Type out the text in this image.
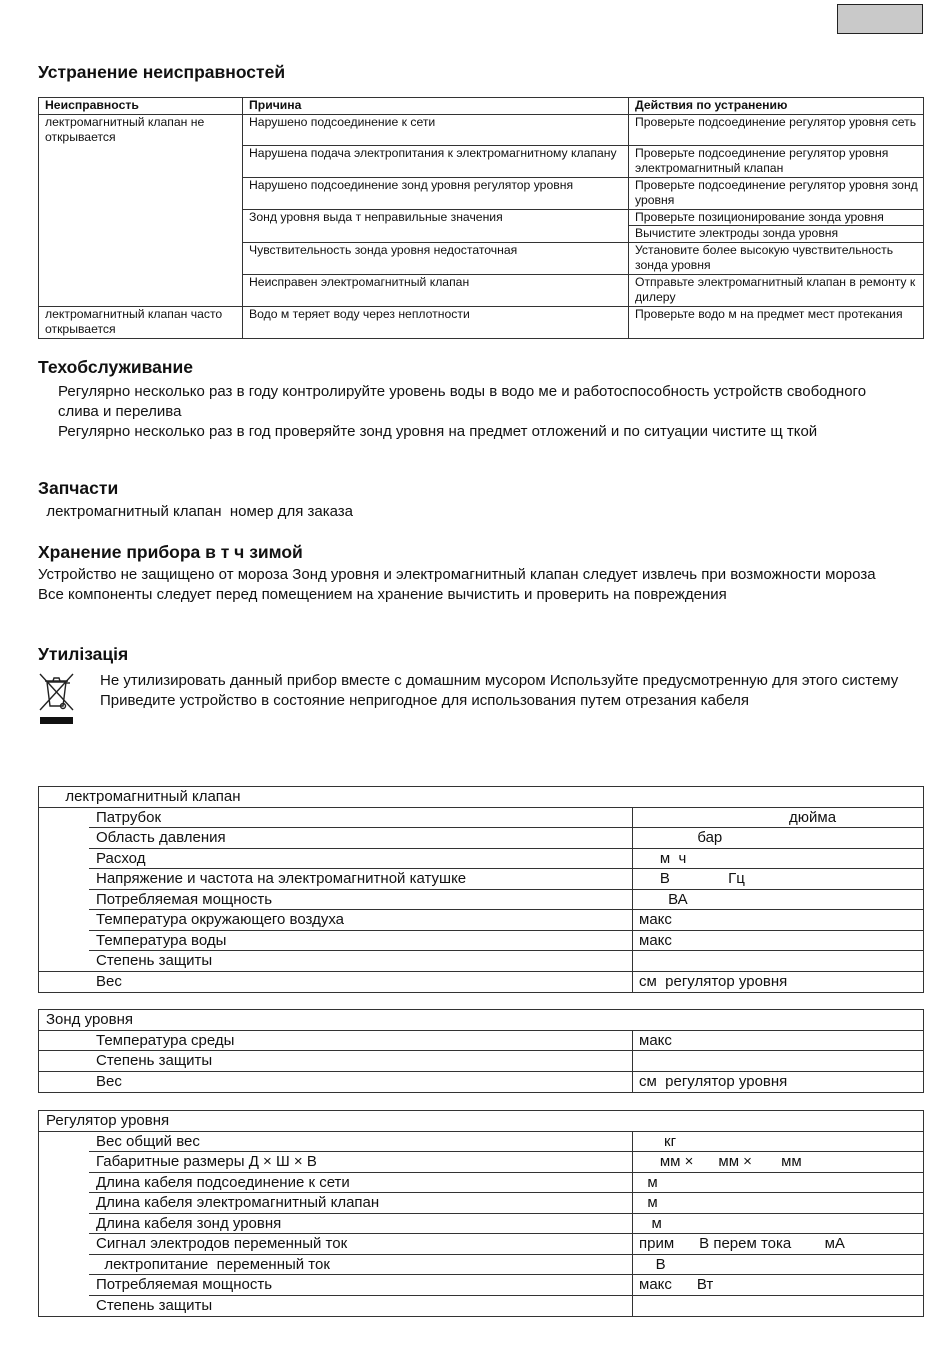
Устранение неисправностей
Неисправность	Причина	Действия по устранению
лектромагнитный клапан не открывается	Нарушено подсоединение к сети	Проверьте подсоединение регулятор уровня сеть
	Нарушена подача электропитания к электромагнитному клапану	Проверьте подсоединение регулятор уровня электромагнитный клапан
	Нарушено подсоединение зонд уровня регулятор уровня	Проверьте подсоединение регулятор уровня зонд уровня
	Зонд уровня выда т неправильные значения	Проверьте позиционирование зонда уровня
		Вычистите электроды зонда уровня
	Чувствительность зонда уровня недостаточная	Установите более высокую чувствительность зонда уровня
	Неисправен электромагнитный клапан	Отправьте электромагнитный клапан в ремонту к дилеру
лектромагнитный клапан часто открывается	Водо м теряет воду через неплотности	Проверьте водо м на предмет мест протекания
Техобслуживание
Регулярно несколько раз в году контролируйте уровень воды в водо ме и работоспособность устройств свободного слива и перелива
Регулярно несколько раз в год проверяйте зонд уровня на предмет отложений и по ситуации чистите щ ткой
Запчасти
лектромагнитный клапан  номер для заказа
Хранение прибора в т ч зимой
Устройство не защищено от мороза Зонд уровня и электромагнитный клапан следует извлечь при возможности мороза Все компоненты следует перед помещением на хранение вычистить и проверить на повреждения
Утилізація
Не утилизировать данный прибор вместе с домашним мусором Используйте предусмотренную для этого систему Приведите устройство в состояние непригодное для использования путем отрезания кабеля
лектромагнитный клапан
Патрубок	дюйма
Область давления	бар
Расход	м  ч
Напряжение и частота на электромагнитной катушке	В              Гц
Потребляемая мощность	ВА
Температура окружающего воздуха	макс
Температура воды	макс
Степень защиты
Вес	см  регулятор уровня
Зонд уровня
Температура среды	макс
Степень защиты
Вес	см  регулятор уровня
Регулятор уровня
Вес общий вес	кг
Габаритные размеры Д × Ш × В	мм ×      мм ×       мм
Длина кабеля подсоединение к сети	м
Длина кабеля электромагнитный клапан	м
Длина кабеля зонд уровня	м
Сигнал электродов переменный ток	прим      В перем тока        мА
лектропитание  переменный ток	В
Потребляемая мощность	макс      Вт
Степень защиты
